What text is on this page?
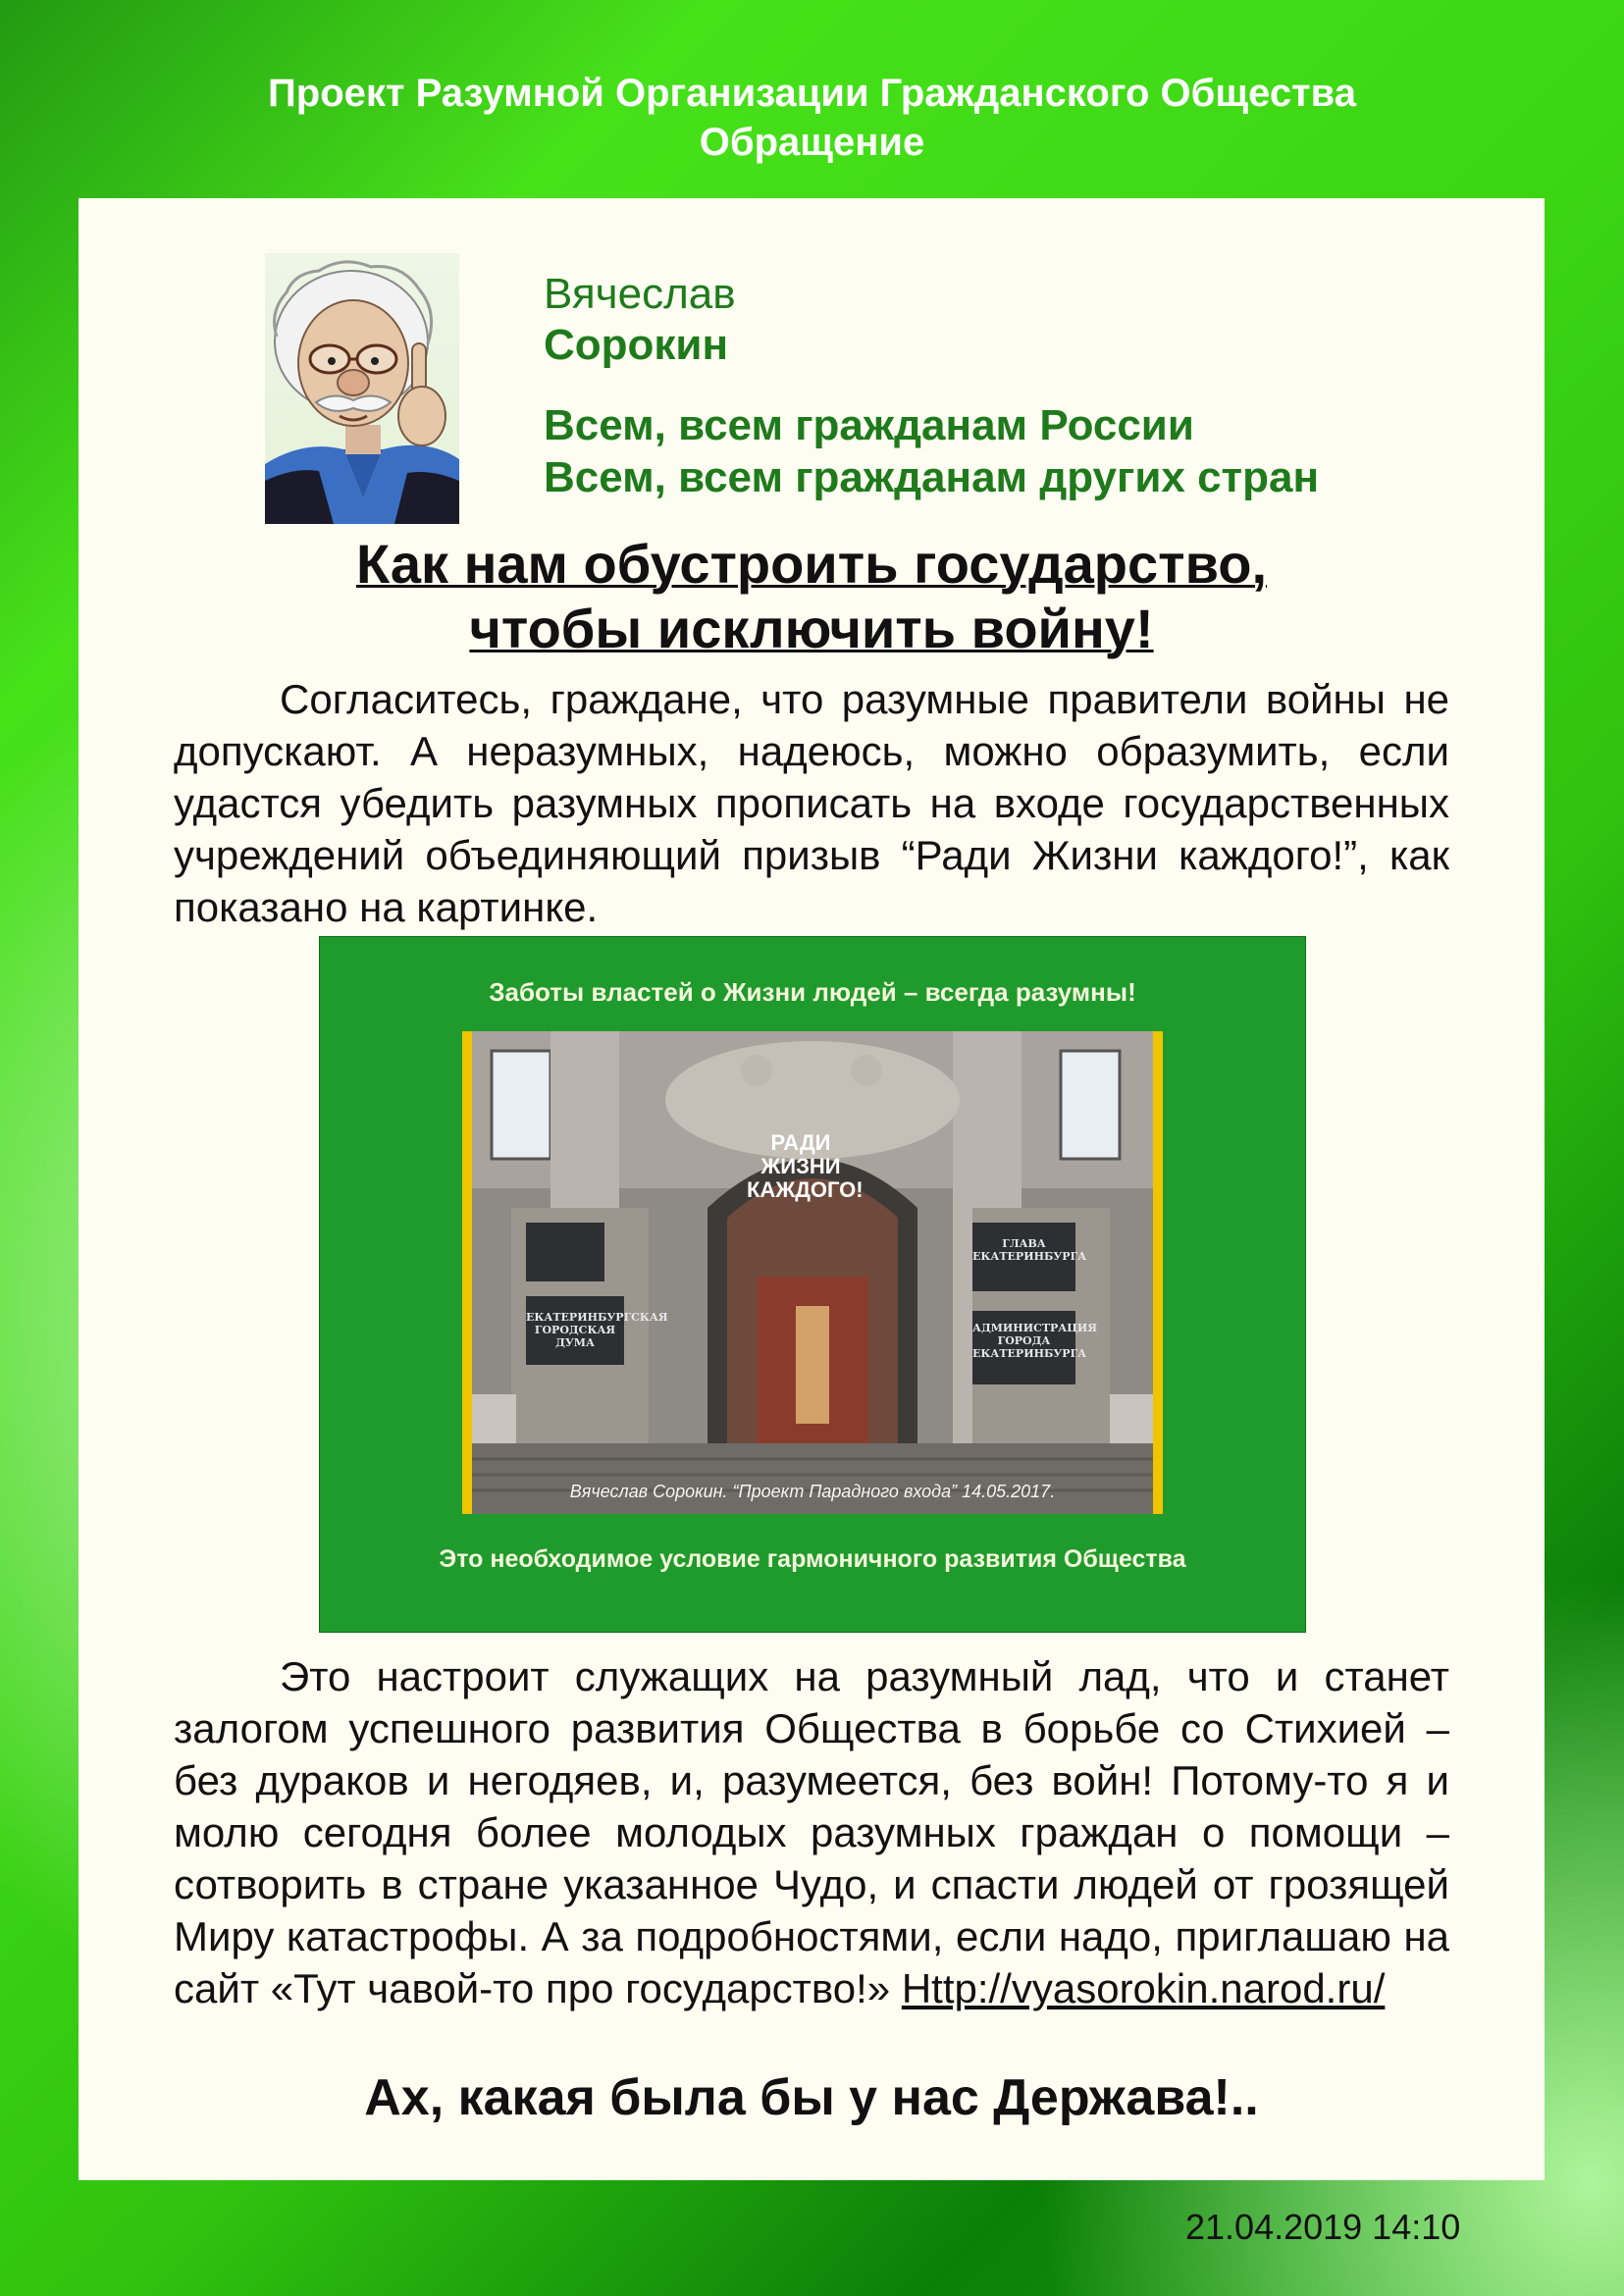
Проект Разумной Организации Гражданского Общества
Обращение
Вячеслав
Сорокин
Всем, всем гражданам России
Всем, всем гражданам других стран
Как нам обустроить государство,
чтобы исключить войну!
Согласитесь, граждане, что разумные правители войны не допускают. А неразумных, надеюсь, можно образумить, если удастся убедить разумных прописать на входе государственных учреждений объединяющий призыв “Ради Жизни каждого!”, как показано на картинке.
Заботы властей о Жизни людей – всегда разумны!
РАДИ
ЖИЗНИ
КАЖДОГО!
ЕКАТЕРИНБУРГСКАЯ
ГОРОДСКАЯ ДУМА
ГЛАВА
ЕКАТЕРИНБУРГА
АДМИНИСТРАЦИЯ
ГОРОДА
ЕКАТЕРИНБУРГА
Вячеслав Сорокин. “Проект Парадного входа” 14.05.2017.
Это необходимое условие гармоничного развития Общества
Это настроит служащих на разумный лад, что и станет залогом успешного развития Общества в борьбе со Стихией – без дураков и негодяев, и, разумеется, без войн! Потому-то я и молю сегодня более молодых разумных граждан о помощи – сотворить в стране указанное Чудо, и спасти людей от грозящей Миру катастрофы. А за подробностями, если надо, приглашаю на сайт «Тут чавой-то про государство!» Http://vyasorokin.narod.ru/
Ах, какая была бы у нас Держава!..
21.04.2019 14:10
